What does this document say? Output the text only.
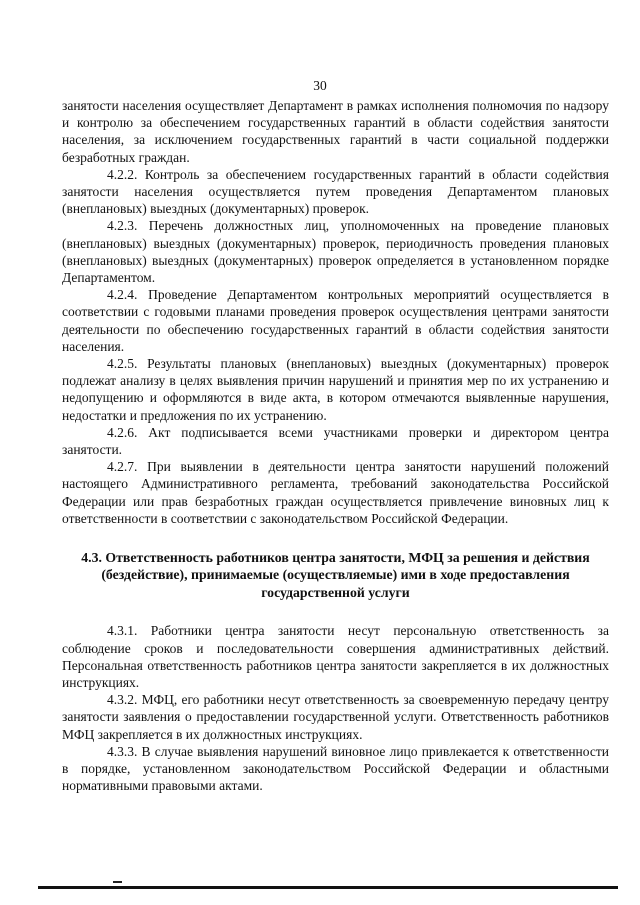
30

занятости населения осуществляет Департамент в рамках исполнения полномочия по надзору и контролю за обеспечением государственных гарантий в области содействия занятости населения, за исключением государственных гарантий в части социальной поддержки безработных граждан.

4.2.2. Контроль за обеспечением государственных гарантий в области содействия занятости населения осуществляется путем проведения Департаментом плановых (внеплановых) выездных (документарных) проверок.

4.2.3. Перечень должностных лиц, уполномоченных на проведение плановых (внеплановых) выездных (документарных) проверок, периодичность проведения плановых (внеплановых) выездных (документарных) проверок определяется в установленном порядке Департаментом.

4.2.4. Проведение Департаментом контрольных мероприятий осуществляется в соответствии с годовыми планами проведения проверок осуществления центрами занятости деятельности по обеспечению государственных гарантий в области содействия занятости населения.

4.2.5. Результаты плановых (внеплановых) выездных (документарных) проверок подлежат анализу в целях выявления причин нарушений и принятия мер по их устранению и недопущению и оформляются в виде акта, в котором отмечаются выявленные нарушения, недостатки и предложения по их устранению.

4.2.6. Акт подписывается всеми участниками проверки и директором центра занятости.

4.2.7. При выявлении в деятельности центра занятости нарушений положений настоящего Административного регламента, требований законодательства Российской Федерации или прав безработных граждан осуществляется привлечение виновных лиц к ответственности в соответствии с законодательством Российской Федерации.

4.3. Ответственность работников центра занятости, МФЦ за решения и действия (бездействие), принимаемые (осуществляемые) ими в ходе предоставления государственной услуги

4.3.1. Работники центра занятости несут персональную ответственность за соблюдение сроков и последовательности совершения административных действий. Персональная ответственность работников центра занятости закрепляется в их должностных инструкциях.

4.3.2. МФЦ, его работники несут ответственность за своевременную передачу центру занятости заявления о предоставлении государственной услуги. Ответственность работников МФЦ закрепляется в их должностных инструкциях.

4.3.3. В случае выявления нарушений виновное лицо привлекается к ответственности в порядке, установленном законодательством Российской Федерации и областными нормативными правовыми актами.
